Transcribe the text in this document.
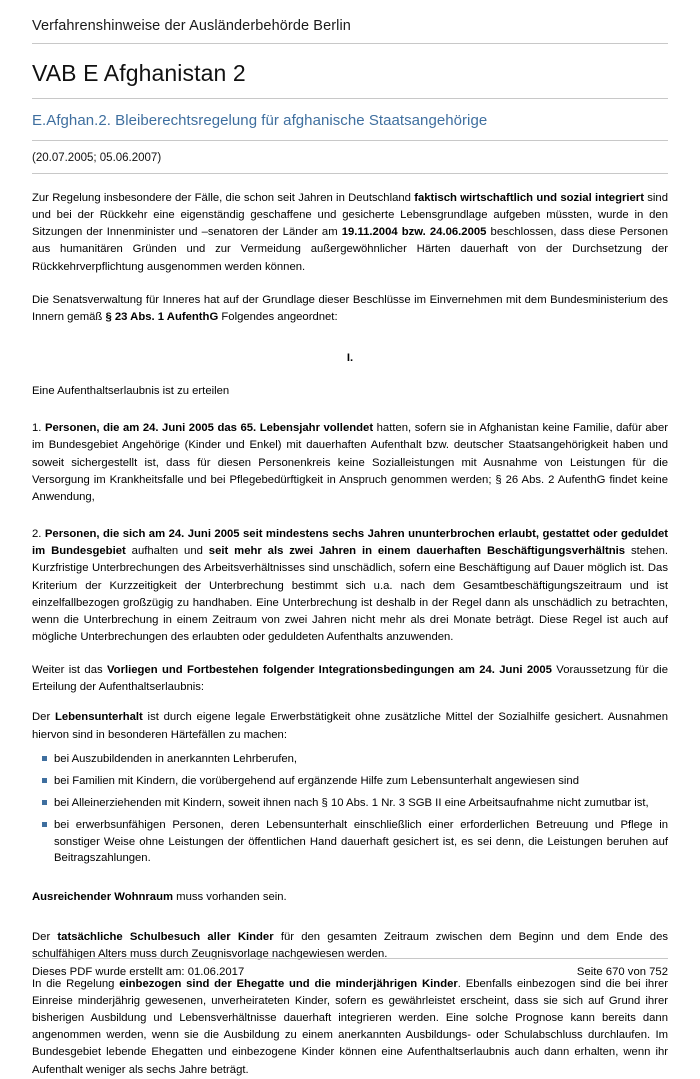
Verfahrenshinweise der Ausländerbehörde Berlin
VAB E Afghanistan 2
E.Afghan.2. Bleiberechtsregelung für afghanische Staatsangehörige
(20.07.2005; 05.06.2007)
Zur Regelung insbesondere der Fälle, die schon seit Jahren in Deutschland faktisch wirtschaftlich und sozial integriert sind und bei der Rückkehr eine eigenständig geschaffene und gesicherte Lebensgrundlage aufgeben müssten, wurde in den Sitzungen der Innenminister und –senatoren der Länder am 19.11.2004 bzw. 24.06.2005 beschlossen, dass diese Personen aus humanitären Gründen und zur Vermeidung außergewöhnlicher Härten dauerhaft von der Durchsetzung der Rückkehrverpflichtung ausgenommen werden können.
Die Senatsverwaltung für Inneres hat auf der Grundlage dieser Beschlüsse im Einvernehmen mit dem Bundesministerium des Innern gemäß § 23 Abs. 1 AufenthG Folgendes angeordnet:
I.
Eine Aufenthaltserlaubnis ist zu erteilen
1. Personen, die am 24. Juni 2005 das 65. Lebensjahr vollendet hatten, sofern sie in Afghanistan keine Familie, dafür aber im Bundesgebiet Angehörige (Kinder und Enkel) mit dauerhaften Aufenthalt bzw. deutscher Staatsangehörigkeit haben und soweit sichergestellt ist, dass für diesen Personenkreis keine Sozialleistungen mit Ausnahme von Leistungen für die Versorgung im Krankheitsfalle und bei Pflegebedürftigkeit in Anspruch genommen werden; § 26 Abs. 2 AufenthG findet keine Anwendung,
2. Personen, die sich am 24. Juni 2005 seit mindestens sechs Jahren ununterbrochen erlaubt, gestattet oder geduldet im Bundesgebiet aufhalten und seit mehr als zwei Jahren in einem dauerhaften Beschäftigungsverhältnis stehen. Kurzfristige Unterbrechungen des Arbeitsverhältnisses sind unschädlich, sofern eine Beschäftigung auf Dauer möglich ist. Das Kriterium der Kurzzeitigkeit der Unterbrechung bestimmt sich u.a. nach dem Gesamtbeschäftigungszeitraum und ist einzelfallbezogen großzügig zu handhaben. Eine Unterbrechung ist deshalb in der Regel dann als unschädlich zu betrachten, wenn die Unterbrechung in einem Zeitraum von zwei Jahren nicht mehr als drei Monate beträgt. Diese Regel ist auch auf mögliche Unterbrechungen des erlaubten oder geduldeten Aufenthalts anzuwenden.
Weiter ist das Vorliegen und Fortbestehen folgender Integrationsbedingungen am 24. Juni 2005 Voraussetzung für die Erteilung der Aufenthaltserlaubnis:
Der Lebensunterhalt ist durch eigene legale Erwerbstätigkeit ohne zusätzliche Mittel der Sozialhilfe gesichert. Ausnahmen hiervon sind in besonderen Härtefällen zu machen:
bei Auszubildenden in anerkannten Lehrberufen,
bei Familien mit Kindern, die vorübergehend auf ergänzende Hilfe zum Lebensunterhalt angewiesen sind
bei Alleinerziehenden mit Kindern, soweit ihnen nach § 10 Abs. 1 Nr. 3 SGB II eine Arbeitsaufnahme nicht zumutbar ist,
bei erwerbsunfähigen Personen, deren Lebensunterhalt einschließlich einer erforderlichen Betreuung und Pflege in sonstiger Weise ohne Leistungen der öffentlichen Hand dauerhaft gesichert ist, es sei denn, die Leistungen beruhen auf Beitragszahlungen.
Ausreichender Wohnraum muss vorhanden sein.
Der tatsächliche Schulbesuch aller Kinder für den gesamten Zeitraum zwischen dem Beginn und dem Ende des schulfähigen Alters muss durch Zeugnisvorlage nachgewiesen werden.
In die Regelung einbezogen sind der Ehegatte und die minderjährigen Kinder. Ebenfalls einbezogen sind die bei ihrer Einreise minderjährig gewesenen, unverheirateten Kinder, sofern es gewährleistet erscheint, dass sie sich auf Grund ihrer bisherigen Ausbildung und Lebensverhältnisse dauerhaft integrieren werden. Eine solche Prognose kann bereits dann angenommen werden, wenn sie die Ausbildung zu einem anerkannten Ausbildungs- oder Schulabschluss durchlaufen. Im Bundesgebiet lebende Ehegatten und einbezogene Kinder können eine Aufenthaltserlaubnis auch dann erhalten, wenn ihr Aufenthalt weniger als sechs Jahre beträgt.
Dieses PDF wurde erstellt am: 01.06.2017	Seite 670 von 752
